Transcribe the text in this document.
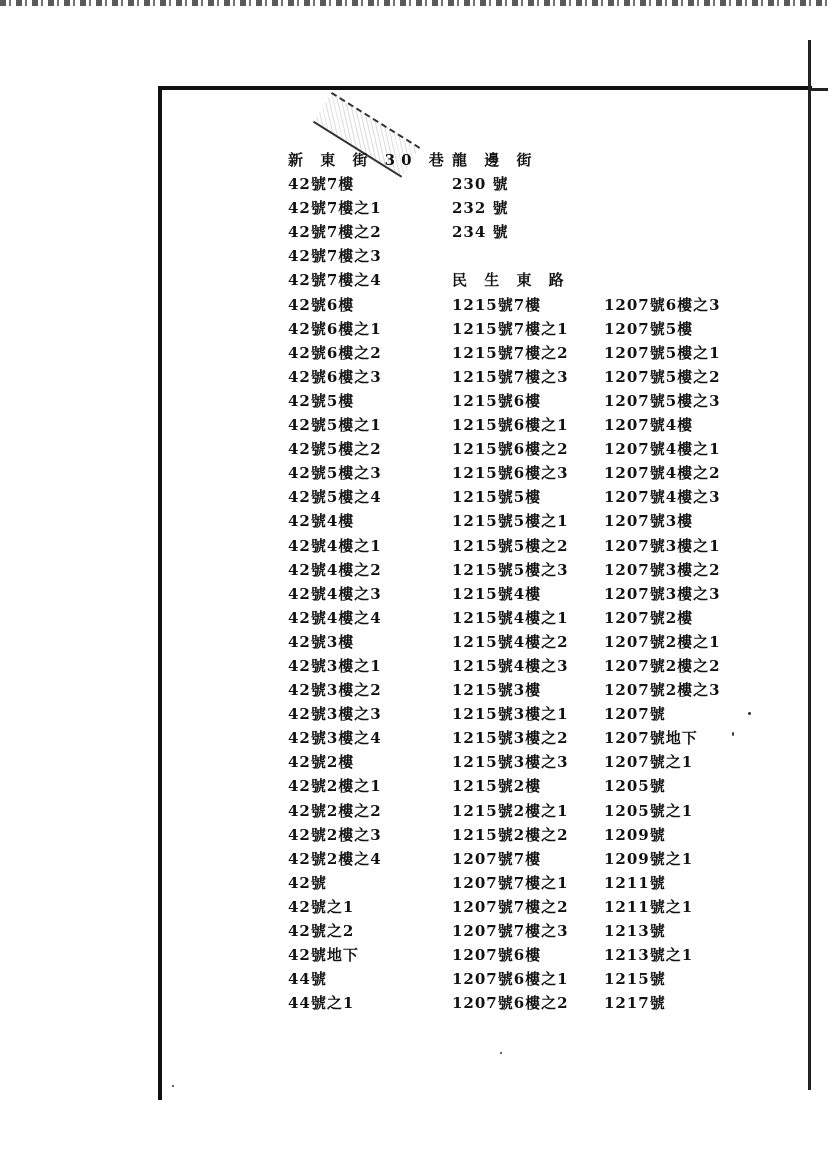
新 東 街 30 巷
42號7樓
42號7樓之1
42號7樓之2
42號7樓之3
42號7樓之4
42號6樓
42號6樓之1
42號6樓之2
42號6樓之3
42號5樓
42號5樓之1
42號5樓之2
42號5樓之3
42號5樓之4
42號4樓
42號4樓之1
42號4樓之2
42號4樓之3
42號4樓之4
42號3樓
42號3樓之1
42號3樓之2
42號3樓之3
42號3樓之4
42號2樓
42號2樓之1
42號2樓之2
42號2樓之3
42號2樓之4
42號
42號之1
42號之2
42號地下
44號
44號之1
龍 邊 街
230 號
232 號
234 號
民 生 東 路
1215號7樓
1215號7樓之1
1215號7樓之2
1215號7樓之3
1215號6樓
1215號6樓之1
1215號6樓之2
1215號6樓之3
1215號5樓
1215號5樓之1
1215號5樓之2
1215號5樓之3
1215號4樓
1215號4樓之1
1215號4樓之2
1215號4樓之3
1215號3樓
1215號3樓之1
1215號3樓之2
1215號3樓之3
1215號2樓
1215號2樓之1
1215號2樓之2
1207號7樓
1207號7樓之1
1207號7樓之2
1207號7樓之3
1207號6樓
1207號6樓之1
1207號6樓之2
1207號6樓之3
1207號5樓
1207號5樓之1
1207號5樓之2
1207號5樓之3
1207號4樓
1207號4樓之1
1207號4樓之2
1207號4樓之3
1207號3樓
1207號3樓之1
1207號3樓之2
1207號3樓之3
1207號2樓
1207號2樓之1
1207號2樓之2
1207號2樓之3
1207號
1207號地下
1207號之1
1205號
1205號之1
1209號
1209號之1
1211號
1211號之1
1213號
1213號之1
1215號
1217號
